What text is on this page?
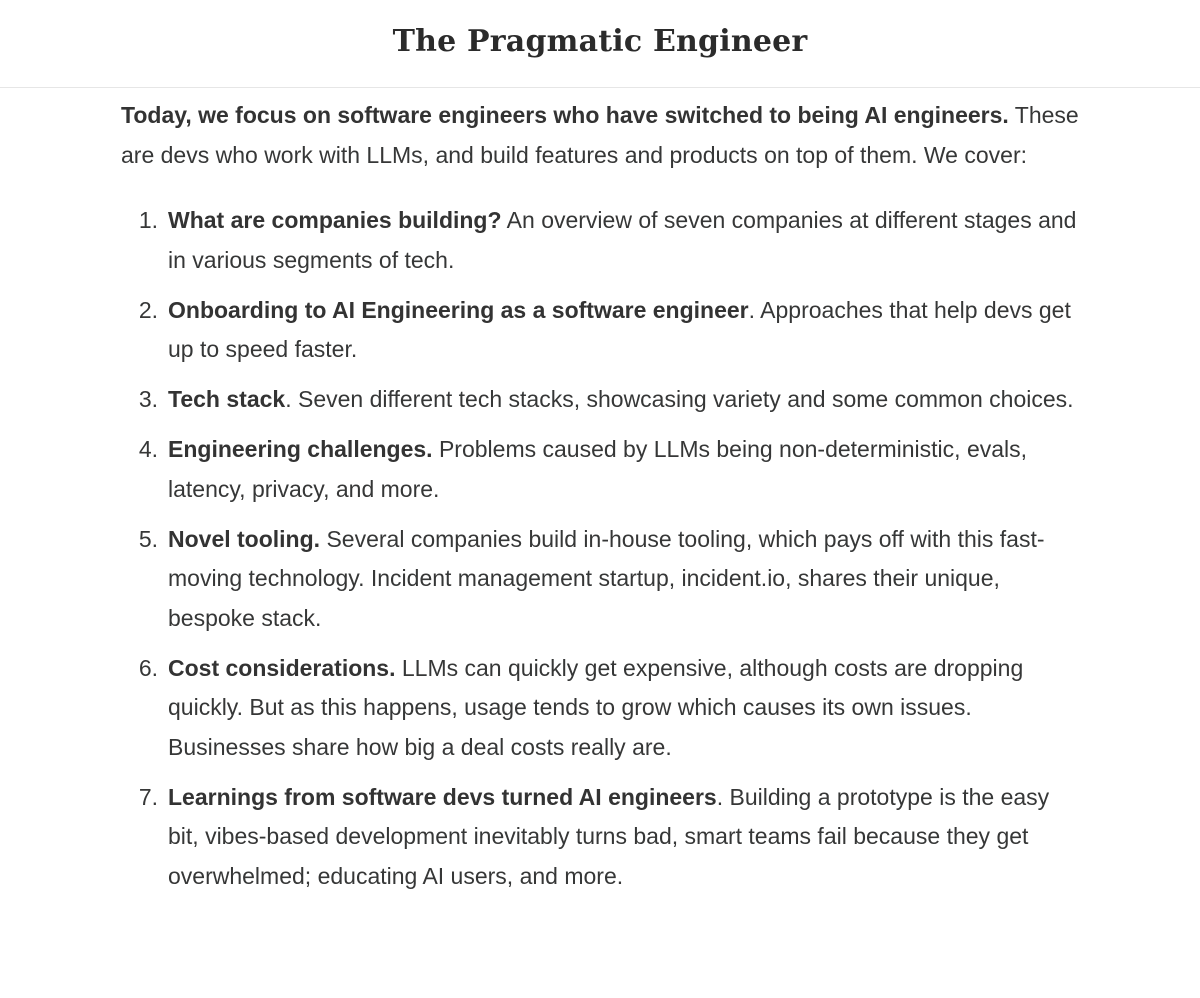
The Pragmatic Engineer

Today, we focus on software engineers who have switched to being AI engineers. These are devs who work with LLMs, and build features and products on top of them. We cover:

1. What are companies building? An overview of seven companies at different stages and in various segments of tech.
2. Onboarding to AI Engineering as a software engineer. Approaches that help devs get up to speed faster.
3. Tech stack. Seven different tech stacks, showcasing variety and some common choices.
4. Engineering challenges. Problems caused by LLMs being non-deterministic, evals, latency, privacy, and more.
5. Novel tooling. Several companies build in-house tooling, which pays off with this fast-moving technology. Incident management startup, incident.io, shares their unique, bespoke stack.
6. Cost considerations. LLMs can quickly get expensive, although costs are dropping quickly. But as this happens, usage tends to grow which causes its own issues. Businesses share how big a deal costs really are.
7. Learnings from software devs turned AI engineers. Building a prototype is the easy bit, vibes-based development inevitably turns bad, smart teams fail because they get overwhelmed; educating AI users, and more.
